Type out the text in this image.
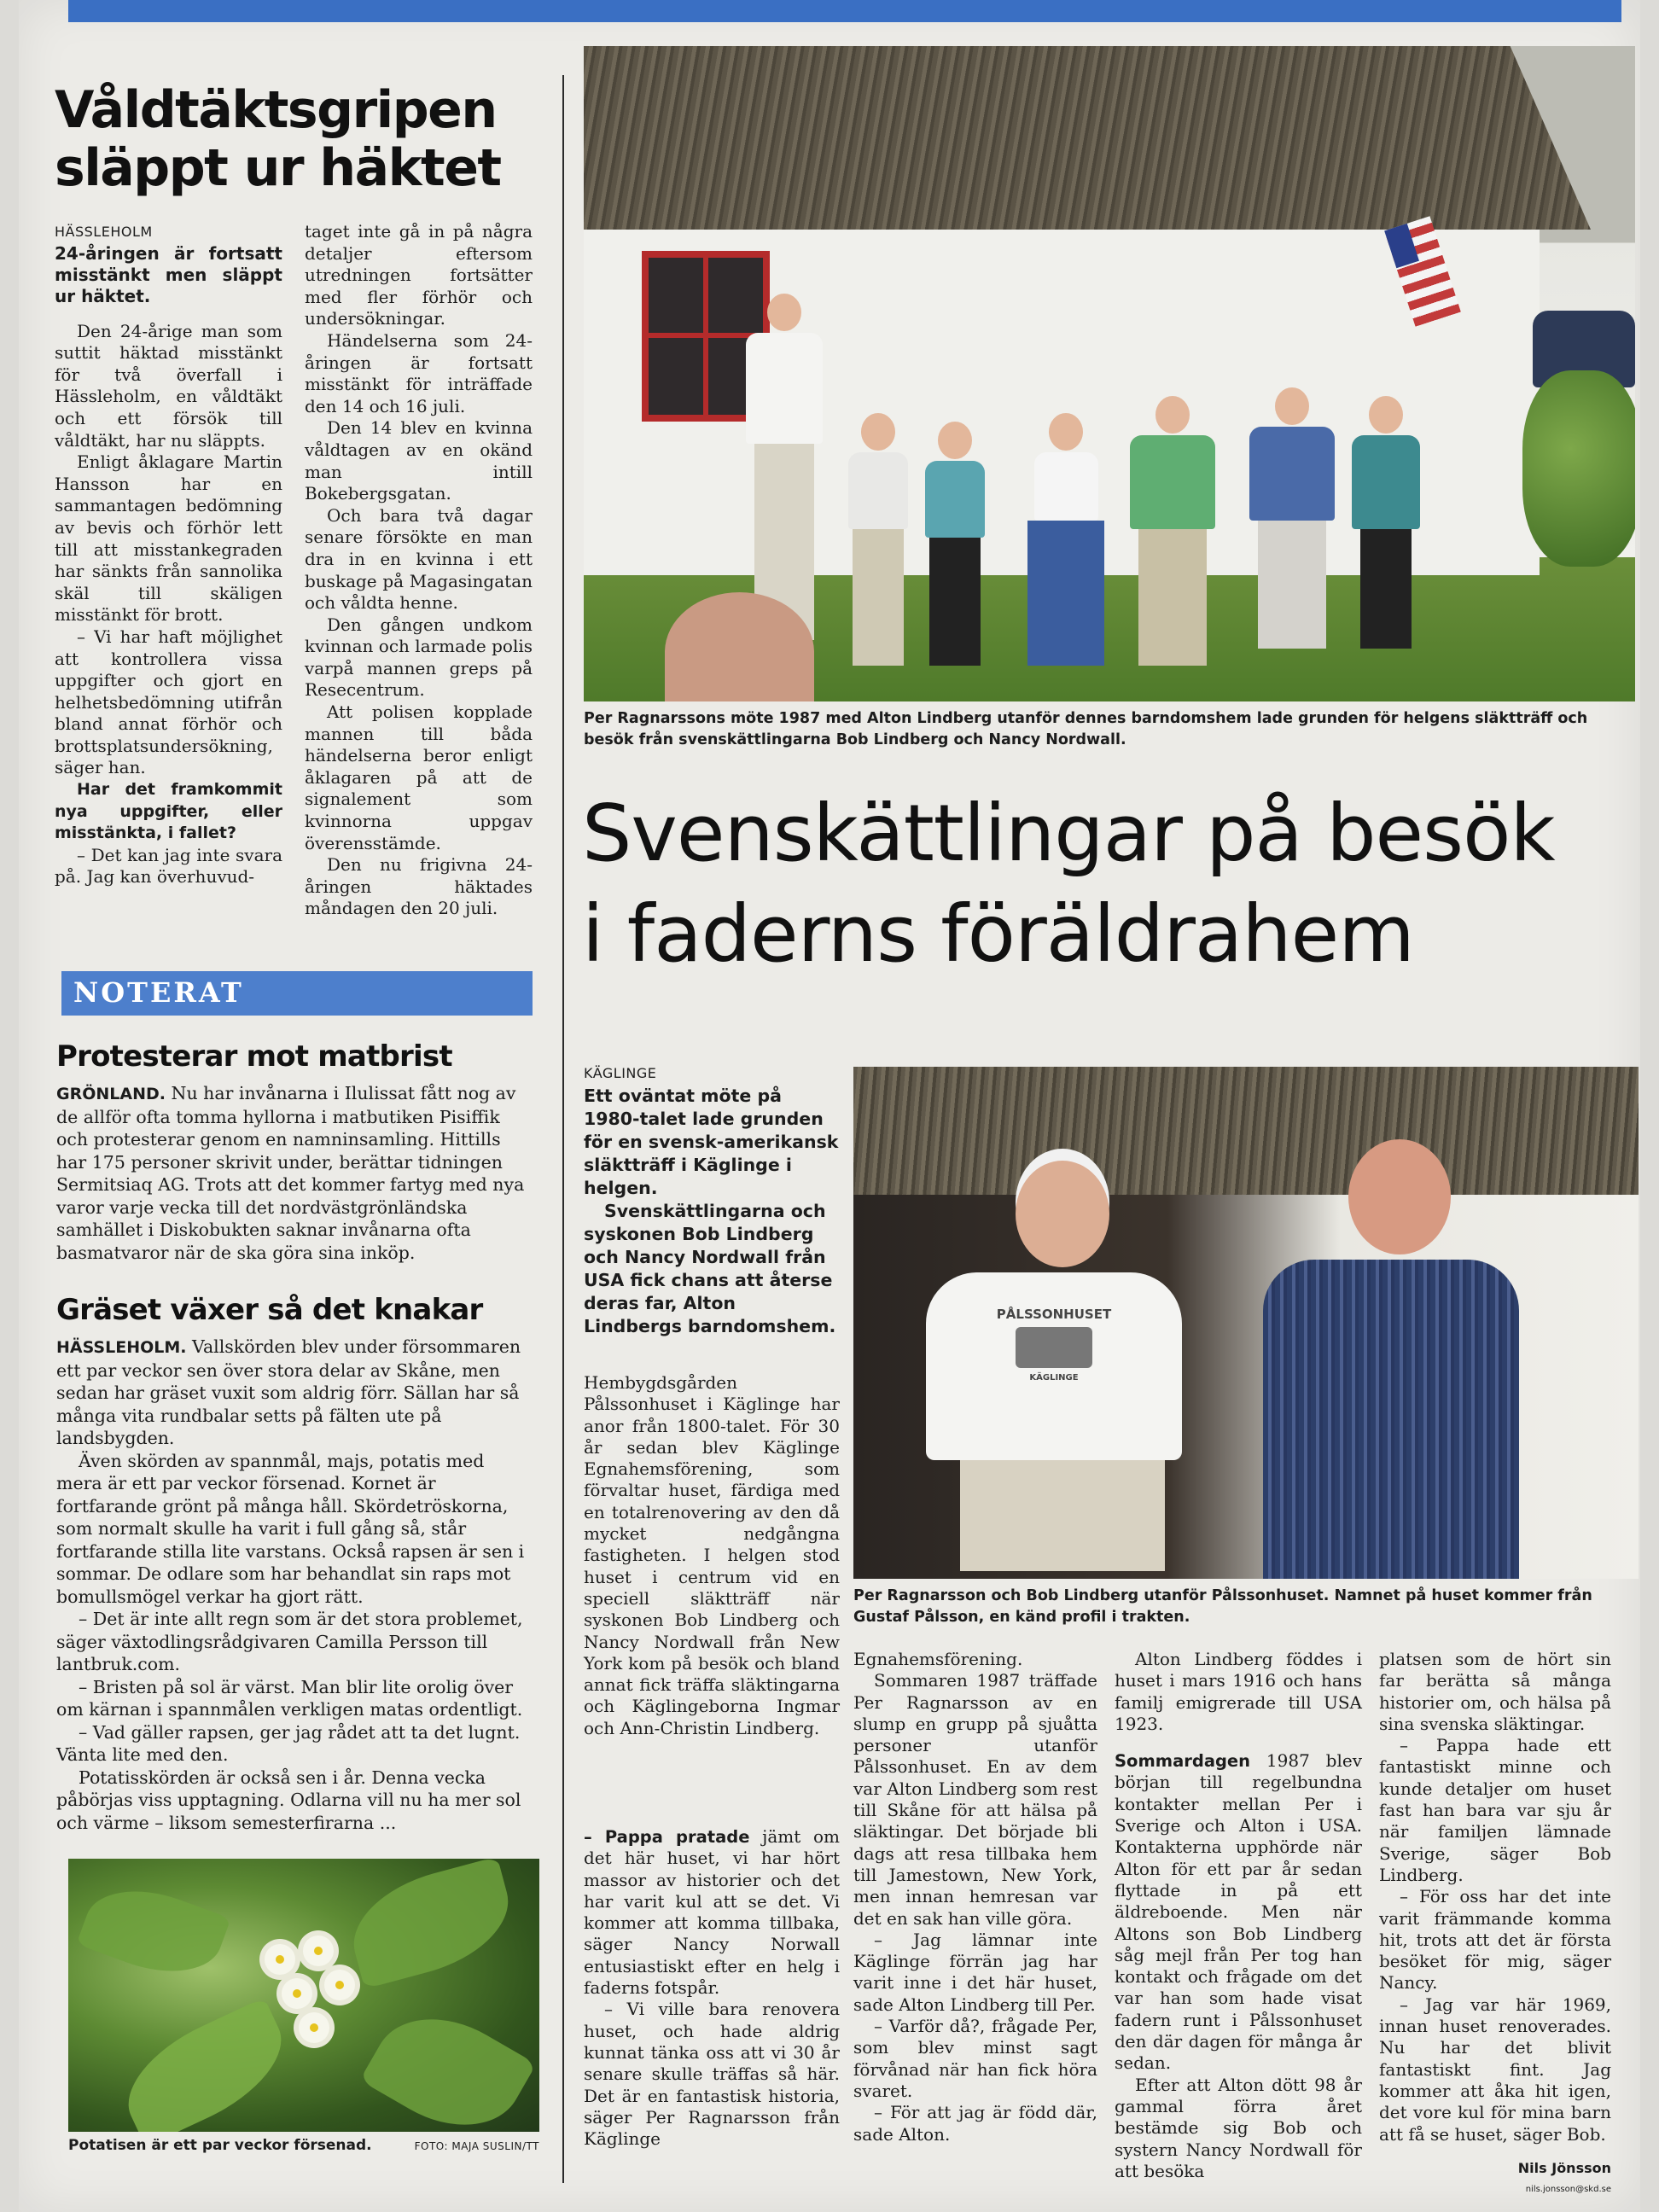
Våldtäktsgripen
släppt ur häktet
HÄSSLEHOLM
24-åringen är fortsatt misstänkt men släppt ur häktet.

Den 24-årige man som suttit häktad misstänkt för två överfall i Hässleholm, en våldtäkt och ett försök till våldtäkt, har nu släppts.

Enligt åklagare Martin Hansson har en sammantagen bedömning av bevis och förhör lett till att misstankegraden har sänkts från sannolika skäl till skäligen misstänkt för brott.

– Vi har haft möjlighet att kontrollera vissa uppgifter och gjort en helhetsbedömning utifrån bland annat förhör och brottsplatsundersökning, säger han.

Har det framkommit nya uppgifter, eller misstänkta, i fallet?

– Det kan jag inte svara på. Jag kan överhuvud-

taget inte gå in på några detaljer eftersom utredningen fortsätter med fler förhör och undersökningar.

Händelserna som 24-åringen är fortsatt misstänkt för inträffade den 14 och 16 juli.

Den 14 blev en kvinna våldtagen av en okänd man intill Bokebergsgatan.

Och bara två dagar senare försökte en man dra in en kvinna i ett buskage på Magasingatan och våldta henne.

Den gången undkom kvinnan och larmade polis varpå mannen greps på Resecentrum.

Att polisen kopplade mannen till båda händelserna beror enligt åklagaren på att de signalement som kvinnorna uppgav överensstämde.

Den nu frigivna 24-åringen häktades måndagen den 20 juli.

NOTERAT
Protesterar mot matbrist

GRÖNLAND. Nu har invånarna i Ilulissat fått nog av de allför ofta tomma hyllorna i matbutiken Pisiffik och protesterar genom en namninsamling. Hittills har 175 personer skrivit under, berättar tidningen Sermitsiaq AG. Trots att det kommer fartyg med nya varor varje vecka till det nordvästgrönländska samhället i Diskobukten saknar invånarna ofta basmatvaror när de ska göra sina inköp.

Gräset växer så det knakar

HÄSSLEHOLM. Vallskörden blev under försommaren ett par veckor sen över stora delar av Skåne, men sedan har gräset vuxit som aldrig förr. Sällan har så många vita rundbalar setts på fälten ute på landsbygden.

Även skörden av spannmål, majs, potatis med mera är ett par veckor försenad. Kornet är fortfarande grönt på många håll. Skördetröskorna, som normalt skulle ha varit i full gång så, står fortfarande stilla lite varstans. Också rapsen är sen i sommar. De odlare som har behandlat sin raps mot bomullsmögel verkar ha gjort rätt.

– Det är inte allt regn som är det stora problemet, säger växtodlingsrådgivaren Camilla Persson till lantbruk.com.

– Bristen på sol är värst. Man blir lite orolig över om kärnan i spannmålen verkligen matas ordentligt.

– Vad gäller rapsen, ger jag rådet att ta det lugnt. Vänta lite med den.

Potatisskörden är också sen i år. Denna vecka påbörjas viss upptagning. Odlarna vill nu ha mer sol och värme – liksom semesterfirarna ...

Potatisen är ett par veckor försenad.	FOTO: MAJA SUSLIN/TT
Per Ragnarssons möte 1987 med Alton Lindberg utanför dennes barndomshem lade grunden för helgens släktträff och besök från svenskättlingarna Bob Lindberg och Nancy Nordwall.
Svenskättlingar på besök
i faderns föräldrahem
KÄGLINGE

Ett oväntat möte på 1980-talet lade grunden för en svensk-amerikansk släktträff i Käglinge i helgen.

Svenskättlingarna och syskonen Bob Lindberg och Nancy Nordwall från USA fick chans att återse deras far, Alton Lindbergs barndomshem.

Hembygdsgården Pålssonhuset i Käglinge har anor från 1800-talet. För 30 år sedan blev Käglinge Egnahemsförening, som förvaltar huset, färdiga med en totalrenovering av den då mycket nedgångna fastigheten. I helgen stod huset i centrum vid en speciell släktträff när syskonen Bob Lindberg och Nancy Nordwall från New York kom på besök och bland annat fick träffa släktingarna och Käglingeborna Ingmar och Ann-Christin Lindberg.

PÅLSSONHUSET
KÄGLINGE
Per Ragnarsson och Bob Lindberg utanför Pålssonhuset. Namnet på huset kommer från Gustaf Pålsson, en känd profil i trakten.

Egnahemsförening.

Sommaren 1987 träffade Per Ragnarsson av en slump en grupp på sjuåtta personer utanför Pålssonhuset. En av dem var Alton Lindberg som rest till Skåne för att hälsa på släktingar. Det började bli dags att resa tillbaka hem till Jamestown, New York, men innan hemresan var det en sak han ville göra.

– Jag lämnar inte Käglinge förrän jag har varit inne i det här huset, sade Alton Lindberg till Per.

– Varför då?, frågade Per, som blev minst sagt förvånad när han fick höra svaret.

– För att jag är född där, sade Alton.

Alton Lindberg föddes i huset i mars 1916 och hans familj emigrerade till USA 1923.

Sommardagen 1987 blev början till regelbundna kontakter mellan Per i Sverige och Alton i USA. Kontakterna upphörde när Alton för ett par år sedan flyttade in på ett äldreboende. Men när Altons son Bob Lindberg såg mejl från Per tog han kontakt och frågade om det var han som hade visat fadern runt i Pålssonhuset den där dagen för många år sedan.

Efter att Alton dött 98 år gammal förra året bestämde sig Bob och systern Nancy Nordwall för att besöka

platsen som de hört sin far berätta så många historier om, och hälsa på sina svenska släktingar.

– Pappa hade ett fantastiskt minne och kunde detaljer om huset fast han bara var sju år när familjen lämnade Sverige, säger Bob Lindberg.

– För oss har det inte varit främmande komma hit, trots att det är första besöket för mig, säger Nancy.

– Jag var här 1969, innan huset renoverades. Nu har det blivit fantastiskt fint. Jag kommer att åka hit igen, det vore kul för mina barn att få se huset, säger Bob.

Nils Jönsson
nils.jonsson@skd.se

– Pappa pratade jämt om det här huset, vi har hört massor av historier och det har varit kul att se det. Vi kommer att komma tillbaka, säger Nancy Norwall entusiastiskt efter en helg i faderns fotspår.

– Vi ville bara renovera huset, och hade aldrig kunnat tänka oss att vi 30 år senare skulle träffas så här. Det är en fantastisk historia, säger Per Ragnarsson från Käglinge
